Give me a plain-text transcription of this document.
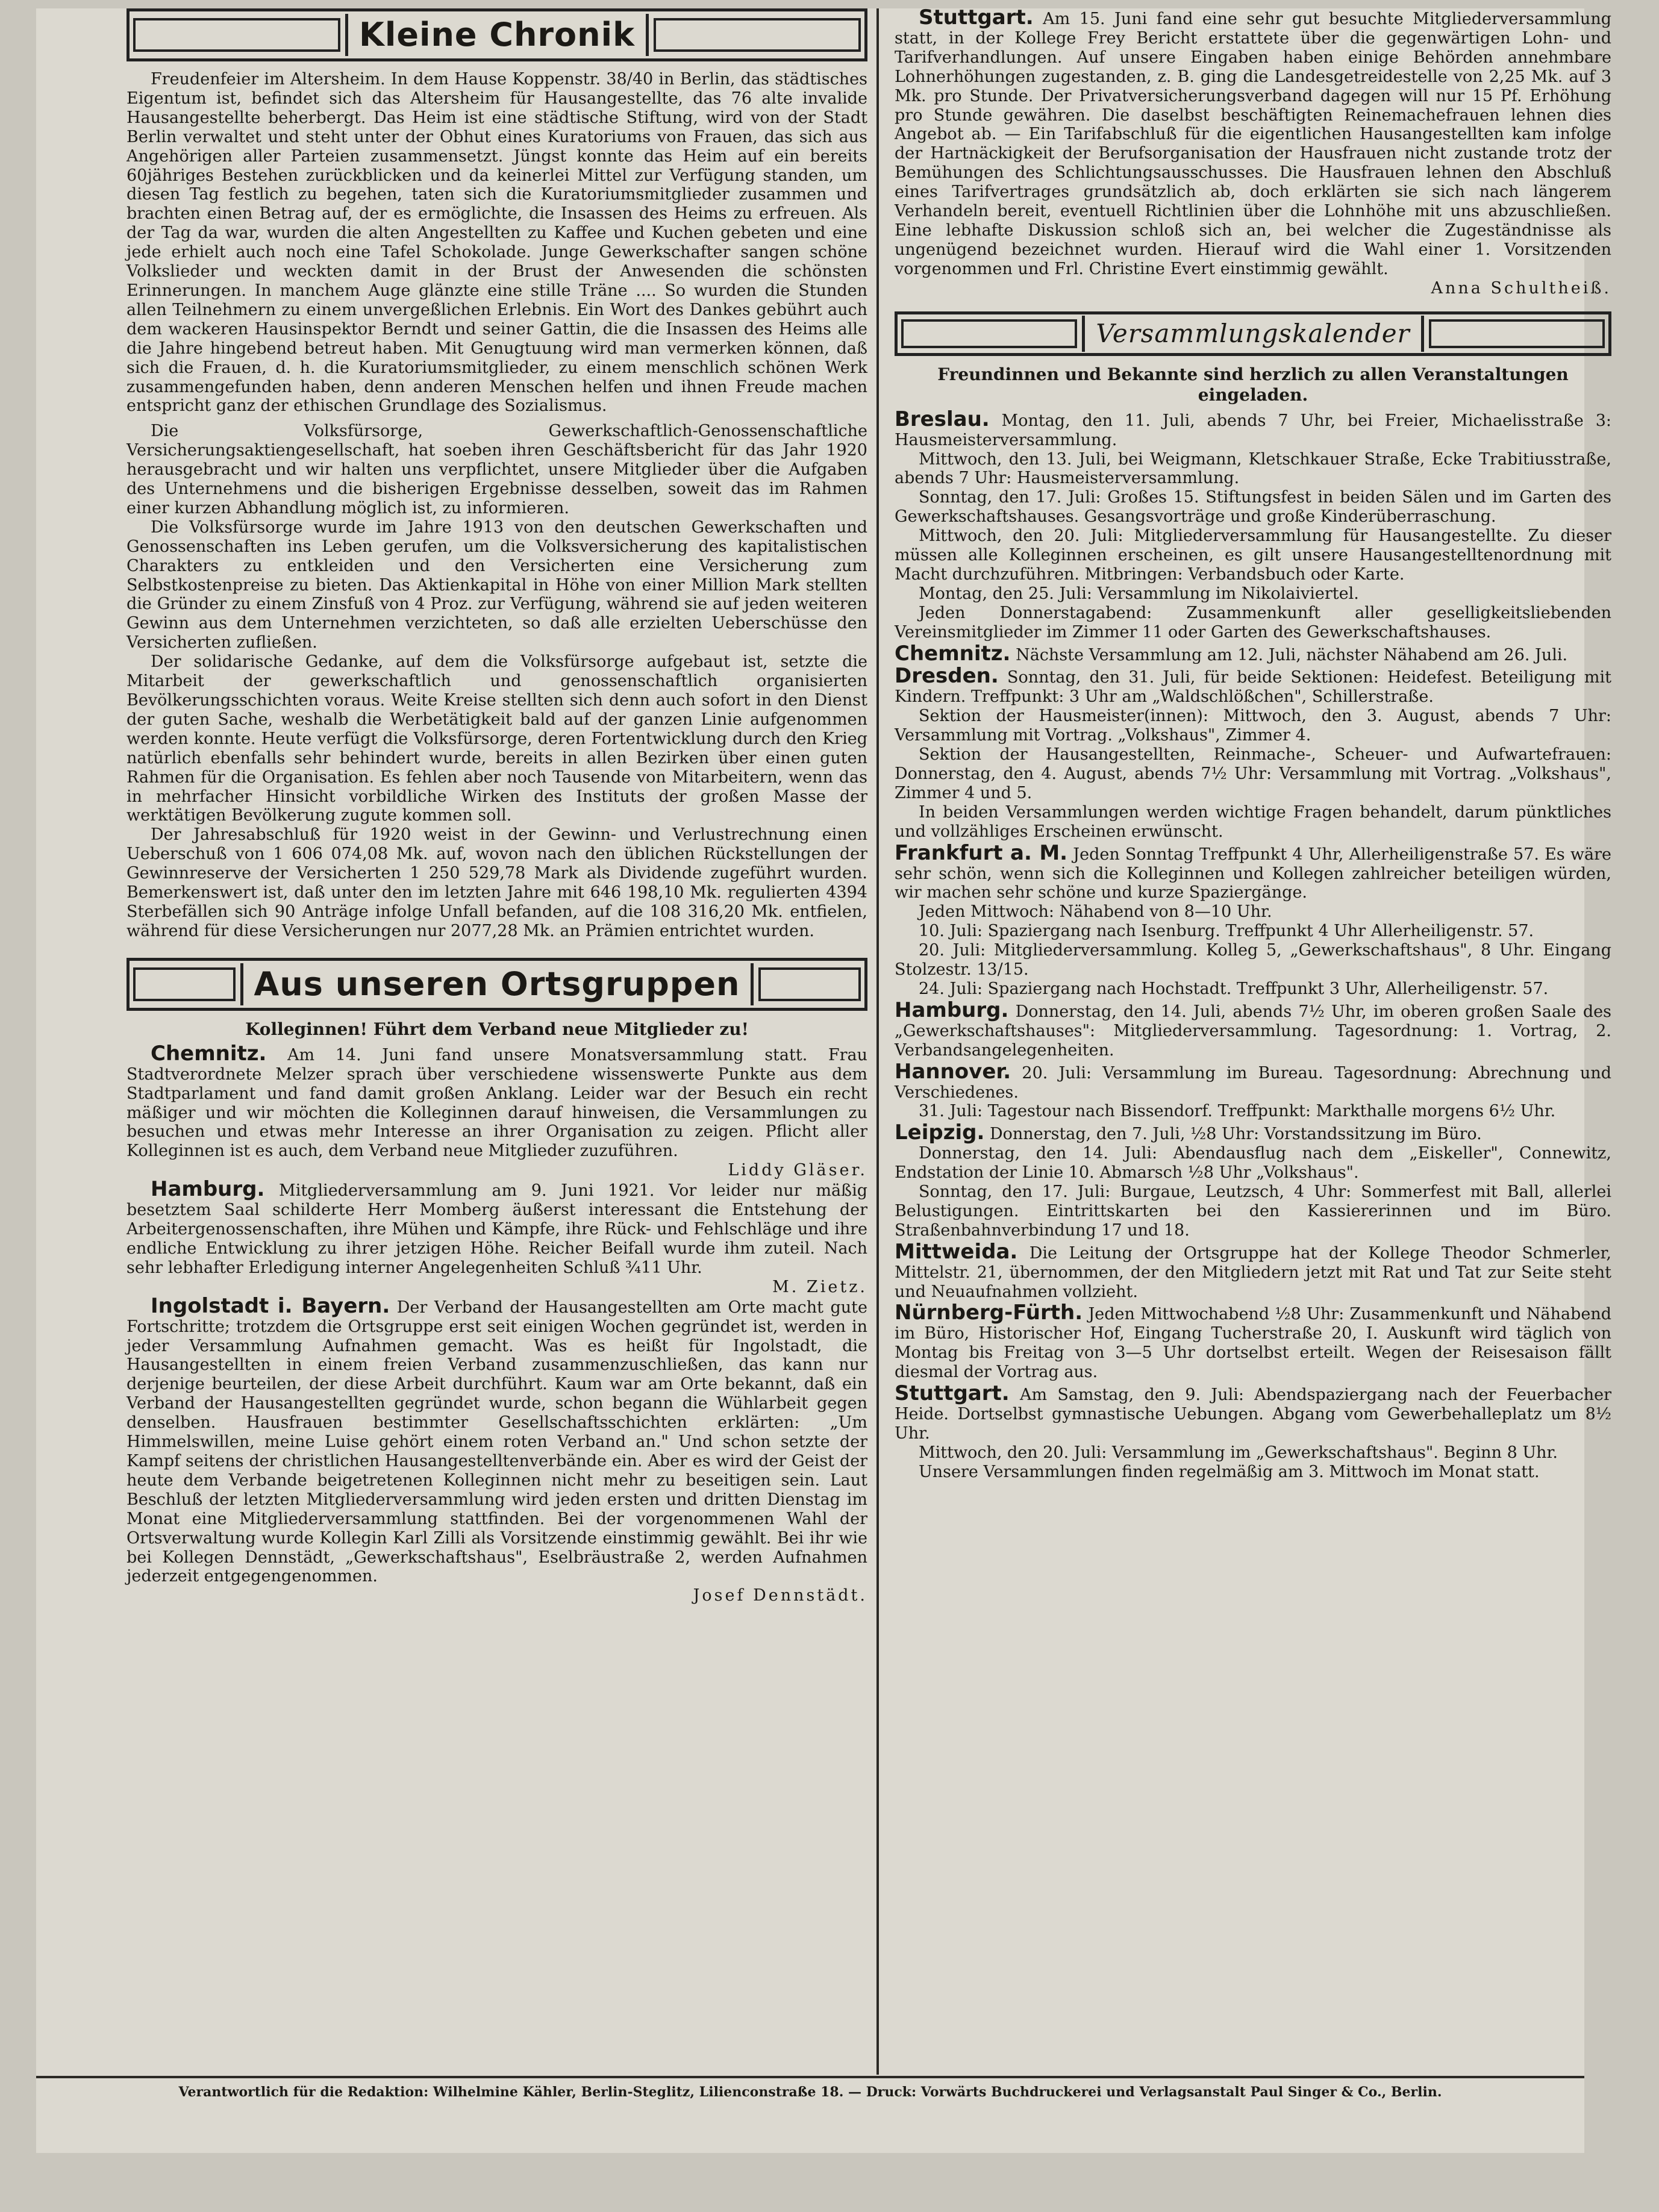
Kleine Chronik

Freudenfeier im Altersheim. In dem Hause Koppenstr. 38/40 in Berlin, das städtisches Eigentum ist, befindet sich das Altersheim für Hausangestellte, das 76 alte invalide Hausangestellte beherbergt. Das Heim ist eine städtische Stiftung, wird von der Stadt Berlin verwaltet und steht unter der Obhut eines Kuratoriums von Frauen, das sich aus Angehörigen aller Parteien zusammensetzt. Jüngst konnte das Heim auf ein bereits 60jähriges Bestehen zurückblicken und da keinerlei Mittel zur Verfügung standen, um diesen Tag festlich zu begehen, taten sich die Kuratoriumsmitglieder zusammen und brachten einen Betrag auf, der es ermöglichte, die Insassen des Heims zu erfreuen. Als der Tag da war, wurden die alten Angestellten zu Kaffee und Kuchen gebeten und eine jede erhielt auch noch eine Tafel Schokolade. Junge Gewerkschafter sangen schöne Volkslieder und weckten damit in der Brust der Anwesenden die schönsten Erinnerungen. In manchem Auge glänzte eine stille Träne .... So wurden die Stunden allen Teilnehmern zu einem unvergeßlichen Erlebnis. Ein Wort des Dankes gebührt auch dem wackeren Hausinspektor Berndt und seiner Gattin, die die Insassen des Heims alle die Jahre hingebend betreut haben. Mit Genugtuung wird man vermerken können, daß sich die Frauen, d. h. die Kuratoriumsmitglieder, zu einem menschlich schönen Werk zusammengefunden haben, denn anderen Menschen helfen und ihnen Freude machen entspricht ganz der ethischen Grundlage des Sozialismus.

Die Volksfürsorge, Gewerkschaftlich-Genossenschaftliche Versicherungsaktiengesellschaft, hat soeben ihren Geschäftsbericht für das Jahr 1920 herausgebracht und wir halten uns verpflichtet, unsere Mitglieder über die Aufgaben des Unternehmens und die bisherigen Ergebnisse desselben, soweit das im Rahmen einer kurzen Abhandlung möglich ist, zu informieren.

Die Volksfürsorge wurde im Jahre 1913 von den deutschen Gewerkschaften und Genossenschaften ins Leben gerufen, um die Volksversicherung des kapitalistischen Charakters zu entkleiden und den Versicherten eine Versicherung zum Selbstkostenpreise zu bieten. Das Aktienkapital in Höhe von einer Million Mark stellten die Gründer zu einem Zinsfuß von 4 Proz. zur Verfügung, während sie auf jeden weiteren Gewinn aus dem Unternehmen verzichteten, so daß alle erzielten Ueberschüsse den Versicherten zufließen.

Der solidarische Gedanke, auf dem die Volksfürsorge aufgebaut ist, setzte die Mitarbeit der gewerkschaftlich und genossenschaftlich organisierten Bevölkerungsschichten voraus. Weite Kreise stellten sich denn auch sofort in den Dienst der guten Sache, weshalb die Werbetätigkeit bald auf der ganzen Linie aufgenommen werden konnte. Heute verfügt die Volksfürsorge, deren Fortentwicklung durch den Krieg natürlich ebenfalls sehr behindert wurde, bereits in allen Bezirken über einen guten Rahmen für die Organisation. Es fehlen aber noch Tausende von Mitarbeitern, wenn das in mehrfacher Hinsicht vorbildliche Wirken des Instituts der großen Masse der werktätigen Bevölkerung zugute kommen soll.

Der Jahresabschluß für 1920 weist in der Gewinn- und Verlustrechnung einen Ueberschuß von 1 606 074,08 Mk. auf, wovon nach den üblichen Rückstellungen der Gewinnreserve der Versicherten 1 250 529,78 Mark als Dividende zugeführt wurden. Bemerkenswert ist, daß unter den im letzten Jahre mit 646 198,10 Mk. regulierten 4394 Sterbefällen sich 90 Anträge infolge Unfall befanden, auf die 108 316,20 Mk. entfielen, während für diese Versicherungen nur 2077,28 Mk. an Prämien entrichtet wurden.

Aus unseren Ortsgruppen
Kolleginnen! Führt dem Verband neue Mitglieder zu!

Chemnitz. Am 14. Juni fand unsere Monatsversammlung statt. Frau Stadtverordnete Melzer sprach über verschiedene wissenswerte Punkte aus dem Stadtparlament und fand damit großen Anklang. Leider war der Besuch ein recht mäßiger und wir möchten die Kolleginnen darauf hinweisen, die Versammlungen zu besuchen und etwas mehr Interesse an ihrer Organisation zu zeigen. Pflicht aller Kolleginnen ist es auch, dem Verband neue Mitglieder zuzuführen.

Liddy Gläser.

Hamburg. Mitgliederversammlung am 9. Juni 1921. Vor leider nur mäßig besetztem Saal schilderte Herr Momberg äußerst interessant die Entstehung der Arbeitergenossenschaften, ihre Mühen und Kämpfe, ihre Rück- und Fehlschläge und ihre endliche Entwicklung zu ihrer jetzigen Höhe. Reicher Beifall wurde ihm zuteil. Nach sehr lebhafter Erledigung interner Angelegenheiten Schluß ¾11 Uhr.

M. Zietz.

Ingolstadt i. Bayern. Der Verband der Hausangestellten am Orte macht gute Fortschritte; trotzdem die Ortsgruppe erst seit einigen Wochen gegründet ist, werden in jeder Versammlung Aufnahmen gemacht. Was es heißt für Ingolstadt, die Hausangestellten in einem freien Verband zusammenzuschließen, das kann nur derjenige beurteilen, der diese Arbeit durchführt. Kaum war am Orte bekannt, daß ein Verband der Hausangestellten gegründet wurde, schon begann die Wühlarbeit gegen denselben. Hausfrauen bestimmter Gesellschaftsschichten erklärten: „Um Himmelswillen, meine Luise gehört einem roten Verband an." Und schon setzte der Kampf seitens der christlichen Hausangestelltenverbände ein. Aber es wird der Geist der heute dem Verbande beigetretenen Kolleginnen nicht mehr zu beseitigen sein. Laut Beschluß der letzten Mitgliederversammlung wird jeden ersten und dritten Dienstag im Monat eine Mitgliederversammlung stattfinden. Bei der vorgenommenen Wahl der Ortsverwaltung wurde Kollegin Karl Zilli als Vorsitzende einstimmig gewählt. Bei ihr wie bei Kollegen Dennstädt, „Gewerkschaftshaus", Eselbräustraße 2, werden Aufnahmen jederzeit entgegengenommen.

Josef Dennstädt.

Stuttgart. Am 15. Juni fand eine sehr gut besuchte Mitgliederversammlung statt, in der Kollege Frey Bericht erstattete über die gegenwärtigen Lohn- und Tarifverhandlungen. Auf unsere Eingaben haben einige Behörden annehmbare Lohnerhöhungen zugestanden, z. B. ging die Landesgetreidestelle von 2,25 Mk. auf 3 Mk. pro Stunde. Der Privatversicherungsverband dagegen will nur 15 Pf. Erhöhung pro Stunde gewähren. Die daselbst beschäftigten Reinemachefrauen lehnen dies Angebot ab. — Ein Tarifabschluß für die eigentlichen Hausangestellten kam infolge der Hartnäckigkeit der Berufsorganisation der Hausfrauen nicht zustande trotz der Bemühungen des Schlichtungsausschusses. Die Hausfrauen lehnen den Abschluß eines Tarifvertrages grundsätzlich ab, doch erklärten sie sich nach längerem Verhandeln bereit, eventuell Richtlinien über die Lohnhöhe mit uns abzuschließen. Eine lebhafte Diskussion schloß sich an, bei welcher die Zugeständnisse als ungenügend bezeichnet wurden. Hierauf wird die Wahl einer 1. Vorsitzenden vorgenommen und Frl. Christine Evert einstimmig gewählt.

Anna Schultheiß.

Versammlungskalender
Freundinnen und Bekannte sind herzlich zu allen Veranstaltungen eingeladen.

Breslau. Montag, den 11. Juli, abends 7 Uhr, bei Freier, Michaelisstraße 3: Hausmeisterversammlung.

Mittwoch, den 13. Juli, bei Weigmann, Kletschkauer Straße, Ecke Trabitiusstraße, abends 7 Uhr: Hausmeisterversammlung.

Sonntag, den 17. Juli: Großes 15. Stiftungsfest in beiden Sälen und im Garten des Gewerkschaftshauses. Gesangsvorträge und große Kinderüberraschung.

Mittwoch, den 20. Juli: Mitgliederversammlung für Hausangestellte. Zu dieser müssen alle Kolleginnen erscheinen, es gilt unsere Hausangestelltenordnung mit Macht durchzuführen. Mitbringen: Verbandsbuch oder Karte.

Montag, den 25. Juli: Versammlung im Nikolaiviertel.

Jeden Donnerstagabend: Zusammenkunft aller geselligkeitsliebenden Vereinsmitglieder im Zimmer 11 oder Garten des Gewerkschaftshauses.

Chemnitz. Nächste Versammlung am 12. Juli, nächster Nähabend am 26. Juli.

Dresden. Sonntag, den 31. Juli, für beide Sektionen: Heidefest. Beteiligung mit Kindern. Treffpunkt: 3 Uhr am „Waldschlößchen", Schillerstraße.

Sektion der Hausmeister(innen): Mittwoch, den 3. August, abends 7 Uhr: Versammlung mit Vortrag. „Volkshaus", Zimmer 4.

Sektion der Hausangestellten, Reinmache-, Scheuer- und Aufwartefrauen: Donnerstag, den 4. August, abends 7½ Uhr: Versammlung mit Vortrag. „Volkshaus", Zimmer 4 und 5.

In beiden Versammlungen werden wichtige Fragen behandelt, darum pünktliches und vollzähliges Erscheinen erwünscht.

Frankfurt a. M. Jeden Sonntag Treffpunkt 4 Uhr, Allerheiligenstraße 57. Es wäre sehr schön, wenn sich die Kolleginnen und Kollegen zahlreicher beteiligen würden, wir machen sehr schöne und kurze Spaziergänge.

Jeden Mittwoch: Nähabend von 8—10 Uhr.

10. Juli: Spaziergang nach Isenburg. Treffpunkt 4 Uhr Allerheiligenstr. 57.

20. Juli: Mitgliederversammlung. Kolleg 5, „Gewerkschaftshaus", 8 Uhr. Eingang Stolzestr. 13/15.

24. Juli: Spaziergang nach Hochstadt. Treffpunkt 3 Uhr, Allerheiligenstr. 57.

Hamburg. Donnerstag, den 14. Juli, abends 7½ Uhr, im oberen großen Saale des „Gewerkschaftshauses": Mitgliederversammlung. Tagesordnung: 1. Vortrag, 2. Verbandsangelegenheiten.

Hannover. 20. Juli: Versammlung im Bureau. Tagesordnung: Abrechnung und Verschiedenes.

31. Juli: Tagestour nach Bissendorf. Treffpunkt: Markthalle morgens 6½ Uhr.

Leipzig. Donnerstag, den 7. Juli, ½8 Uhr: Vorstandssitzung im Büro.

Donnerstag, den 14. Juli: Abendausflug nach dem „Eiskeller", Connewitz, Endstation der Linie 10. Abmarsch ½8 Uhr „Volkshaus".

Sonntag, den 17. Juli: Burgaue, Leutzsch, 4 Uhr: Sommerfest mit Ball, allerlei Belustigungen. Eintrittskarten bei den Kassiererinnen und im Büro. Straßenbahnverbindung 17 und 18.

Mittweida. Die Leitung der Ortsgruppe hat der Kollege Theodor Schmerler, Mittelstr. 21, übernommen, der den Mitgliedern jetzt mit Rat und Tat zur Seite steht und Neuaufnahmen vollzieht.

Nürnberg-Fürth. Jeden Mittwochabend ½8 Uhr: Zusammenkunft und Nähabend im Büro, Historischer Hof, Eingang Tucherstraße 20, I. Auskunft wird täglich von Montag bis Freitag von 3—5 Uhr dortselbst erteilt. Wegen der Reisesaison fällt diesmal der Vortrag aus.

Stuttgart. Am Samstag, den 9. Juli: Abendspaziergang nach der Feuerbacher Heide. Dortselbst gymnastische Uebungen. Abgang vom Gewerbehalleplatz um 8½ Uhr.

Mittwoch, den 20. Juli: Versammlung im „Gewerkschaftshaus". Beginn 8 Uhr.

Unsere Versammlungen finden regelmäßig am 3. Mittwoch im Monat statt.

Verantwortlich für die Redaktion: Wilhelmine Kähler, Berlin-Steglitz, Lilienconstraße 18. — Druck: Vorwärts Buchdruckerei und Verlagsanstalt Paul Singer & Co., Berlin.
